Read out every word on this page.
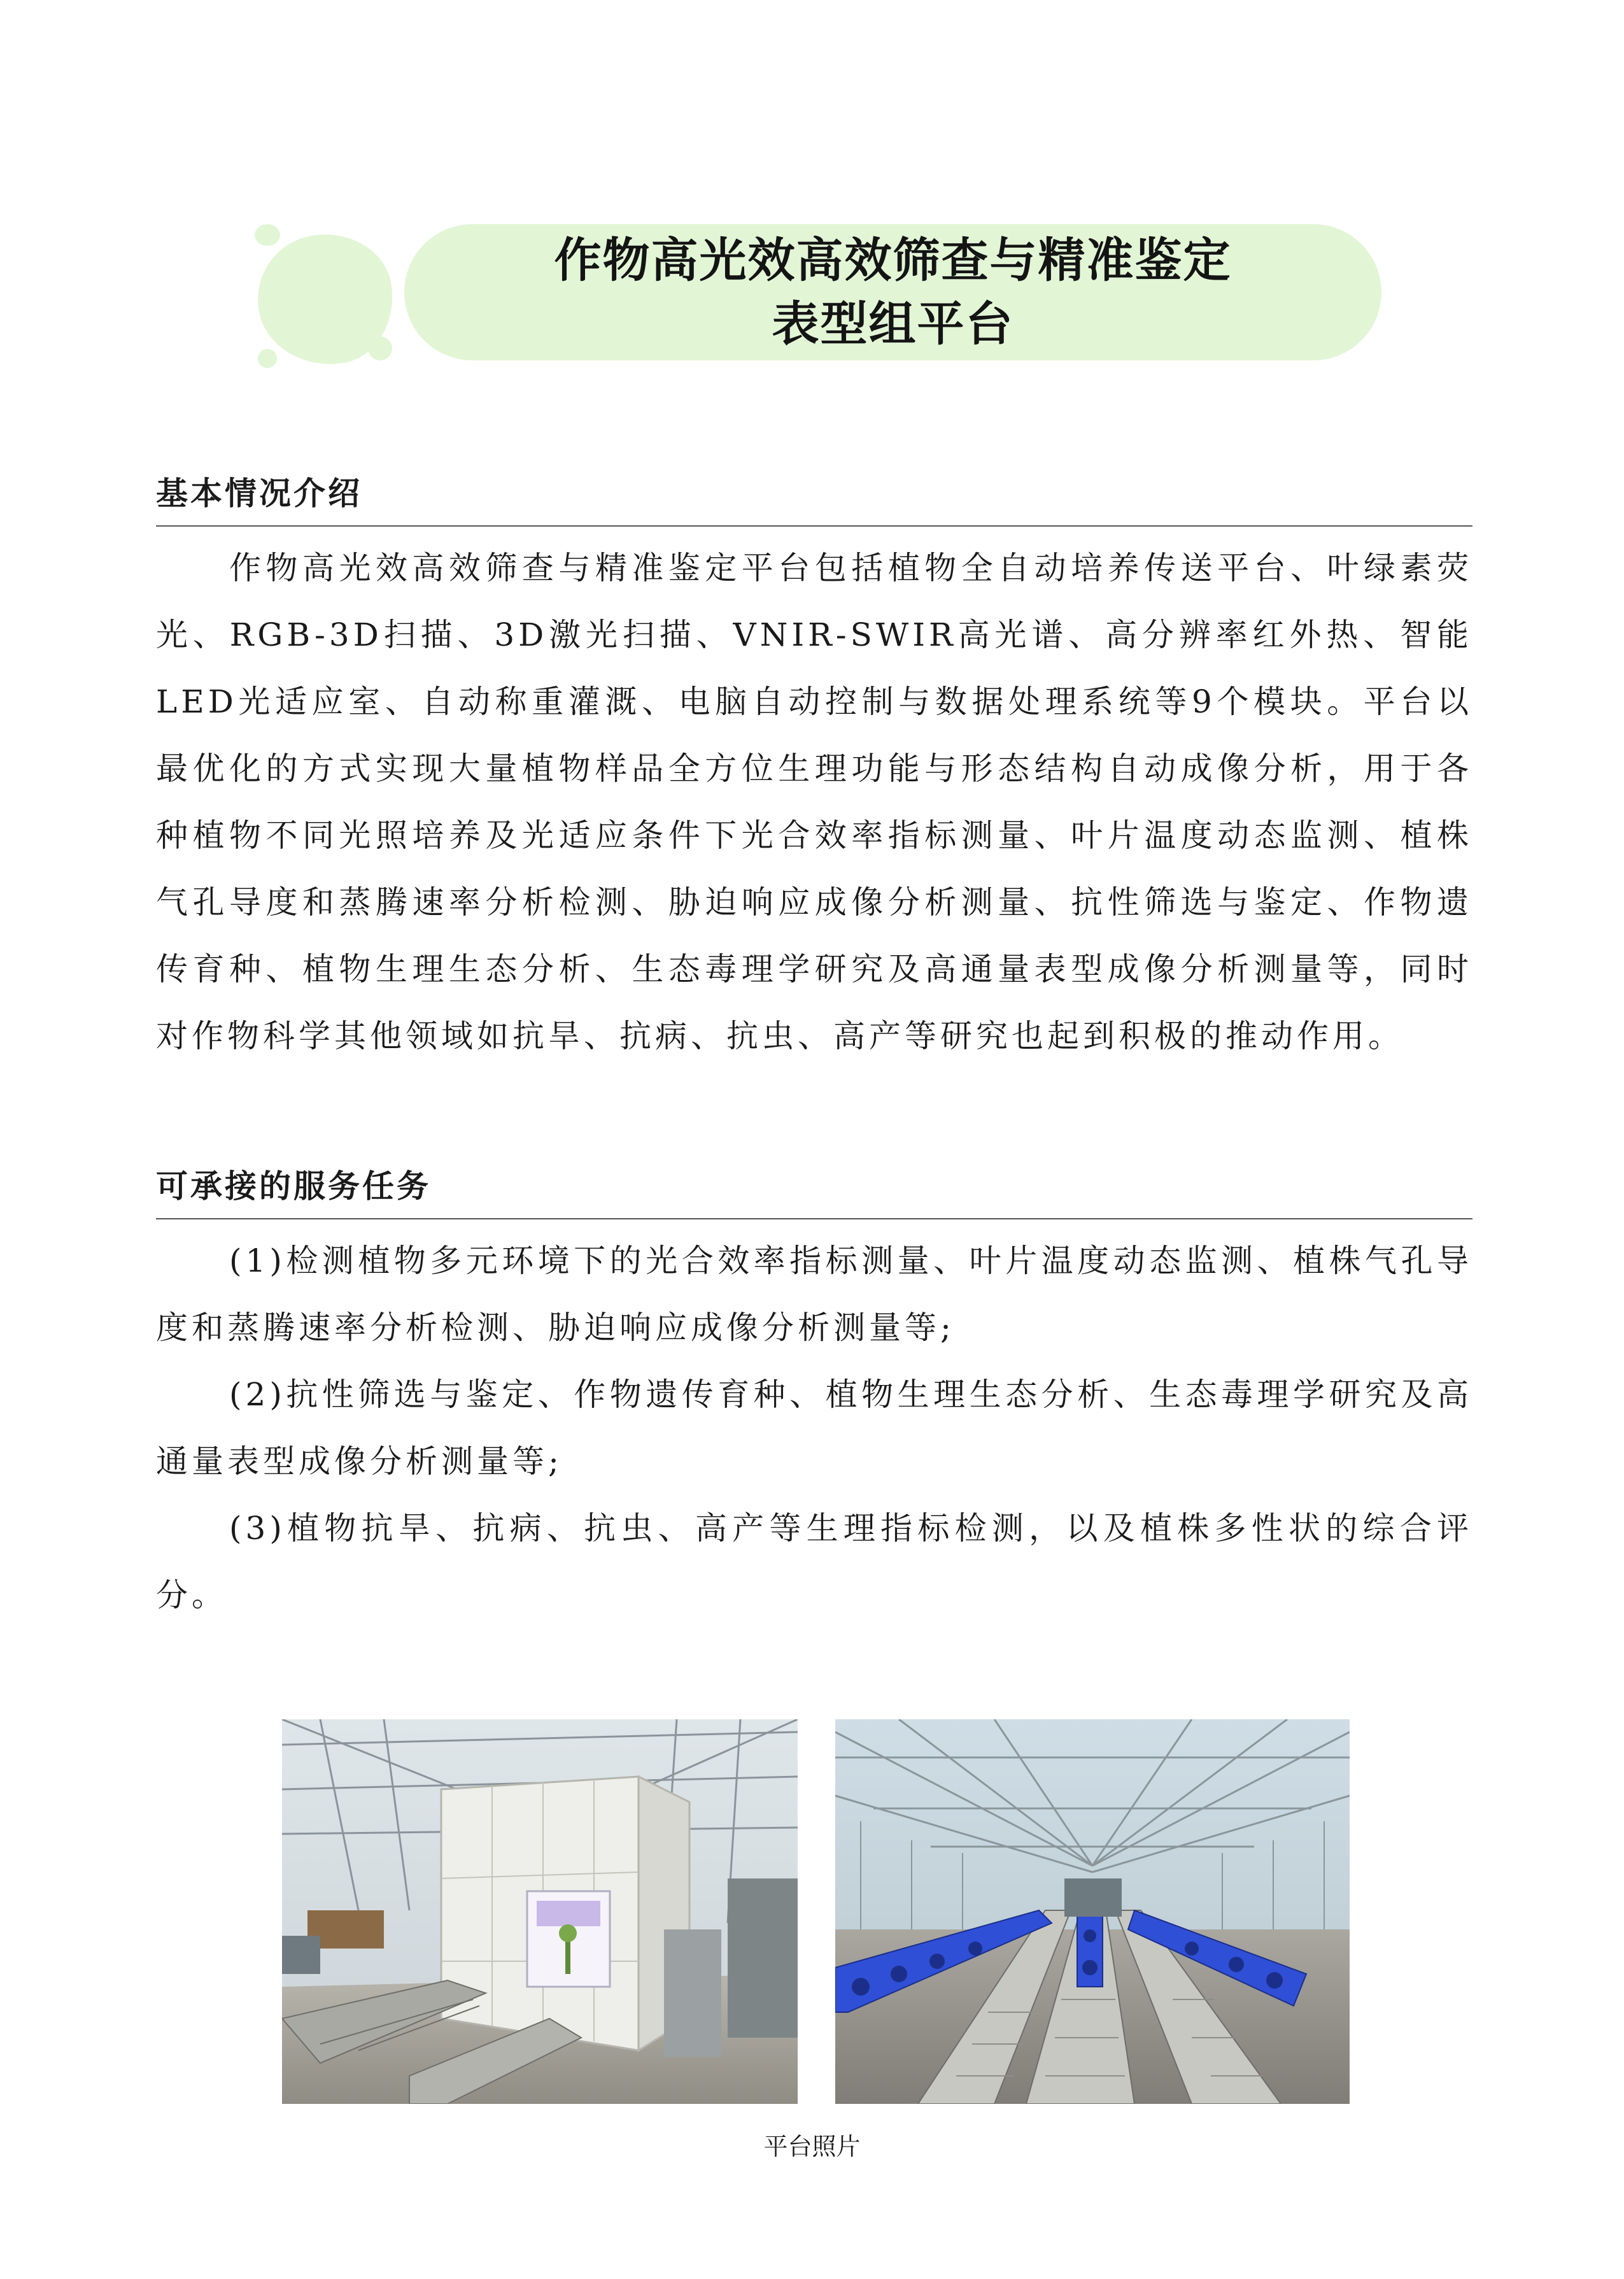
作物高光效高效筛查与精准鉴定
表型组平台
基本情况介绍

作物高光效高效筛查与精准鉴定平台包括植物全自动培养传送平台、叶绿素荧光、RGB-3D扫描、3D激光扫描、VNIR-SWIR高光谱、高分辨率红外热、智能LED光适应室、自动称重灌溉、电脑自动控制与数据处理系统等9个模块。平台以最优化的方式实现大量植物样品全方位生理功能与形态结构自动成像分析，用于各种植物不同光照培养及光适应条件下光合效率指标测量、叶片温度动态监测、植株气孔导度和蒸腾速率分析检测、胁迫响应成像分析测量、抗性筛选与鉴定、作物遗传育种、植物生理生态分析、生态毒理学研究及高通量表型成像分析测量等，同时对作物科学其他领域如抗旱、抗病、抗虫、高产等研究也起到积极的推动作用。

可承接的服务任务

(1)检测植物多元环境下的光合效率指标测量、叶片温度动态监测、植株气孔导度和蒸腾速率分析检测、胁迫响应成像分析测量等;

(2)抗性筛选与鉴定、作物遗传育种、植物生理生态分析、生态毒理学研究及高通量表型成像分析测量等;

(3)植物抗旱、抗病、抗虫、高产等生理指标检测，以及植株多性状的综合评分。

平台照片
